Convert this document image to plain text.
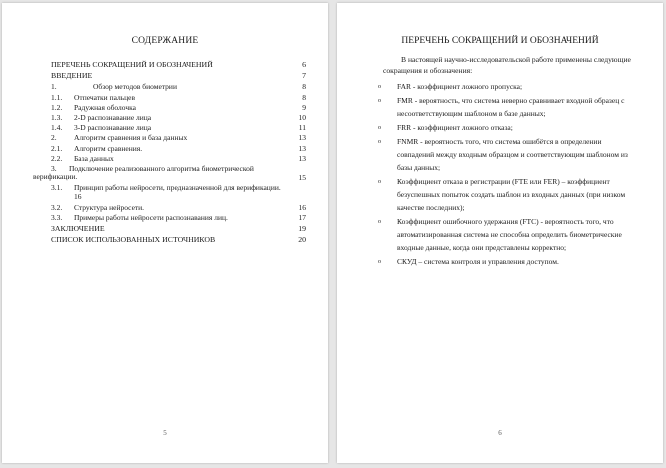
СОДЕРЖАНИЕ
ПЕРЕЧЕНЬ СОКРАЩЕНИЙ И ОБОЗНАЧЕНИЙ	6
ВВЕДЕНИЕ	7
1.	Обзор методов биометрии	8
1.1. Отпечатки пальцев	8
1.2. Радужная оболочка	9
1.3. 2-D распознавание лица	10
1.4. 3-D распознавание лица	11
2. Алгоритм сравнения и база данных	13
2.1. Алгоритм сравнения.	13
2.2. База данных	13
3. Подключение реализованного алгоритма биометрической
верификации.	15
3.1. Принцип работы нейросети, предназначенной для верификации.
16
3.2. Структура нейросети.	16
3.3. Примеры работы нейросети распознавания лиц.	17
ЗАКЛЮЧЕНИЕ	19
СПИСОК ИСПОЛЬЗОВАННЫХ ИСТОЧНИКОВ	20
5
ПЕРЕЧЕНЬ СОКРАЩЕНИЙ И ОБОЗНАЧЕНИЙ

В настоящей научно-исследовательской работе применены следующие сокращения и обозначения:

o FAR - коэффициент ложного пропуска;
o FMR - вероятность, что система неверно сравнивает входной образец с несоответствующим шаблоном в базе данных;
o FRR - коэффициент ложного отказа;
o FNMR - вероятность того, что система ошибётся в определении совпадений между входным образцом и соответствующим шаблоном из базы данных;
o Коэффициент отказа в регистрации (FTE или FER) – коэффициент безуспешных попыток создать шаблон из входных данных (при низком качестве последних);
o Коэффициент ошибочного удержания (FTC) - вероятность того, что автоматизированная система не способна определить биометрические входные данные, когда они представлены корректно;
o СКУД – система контроля и управления доступом.
6
